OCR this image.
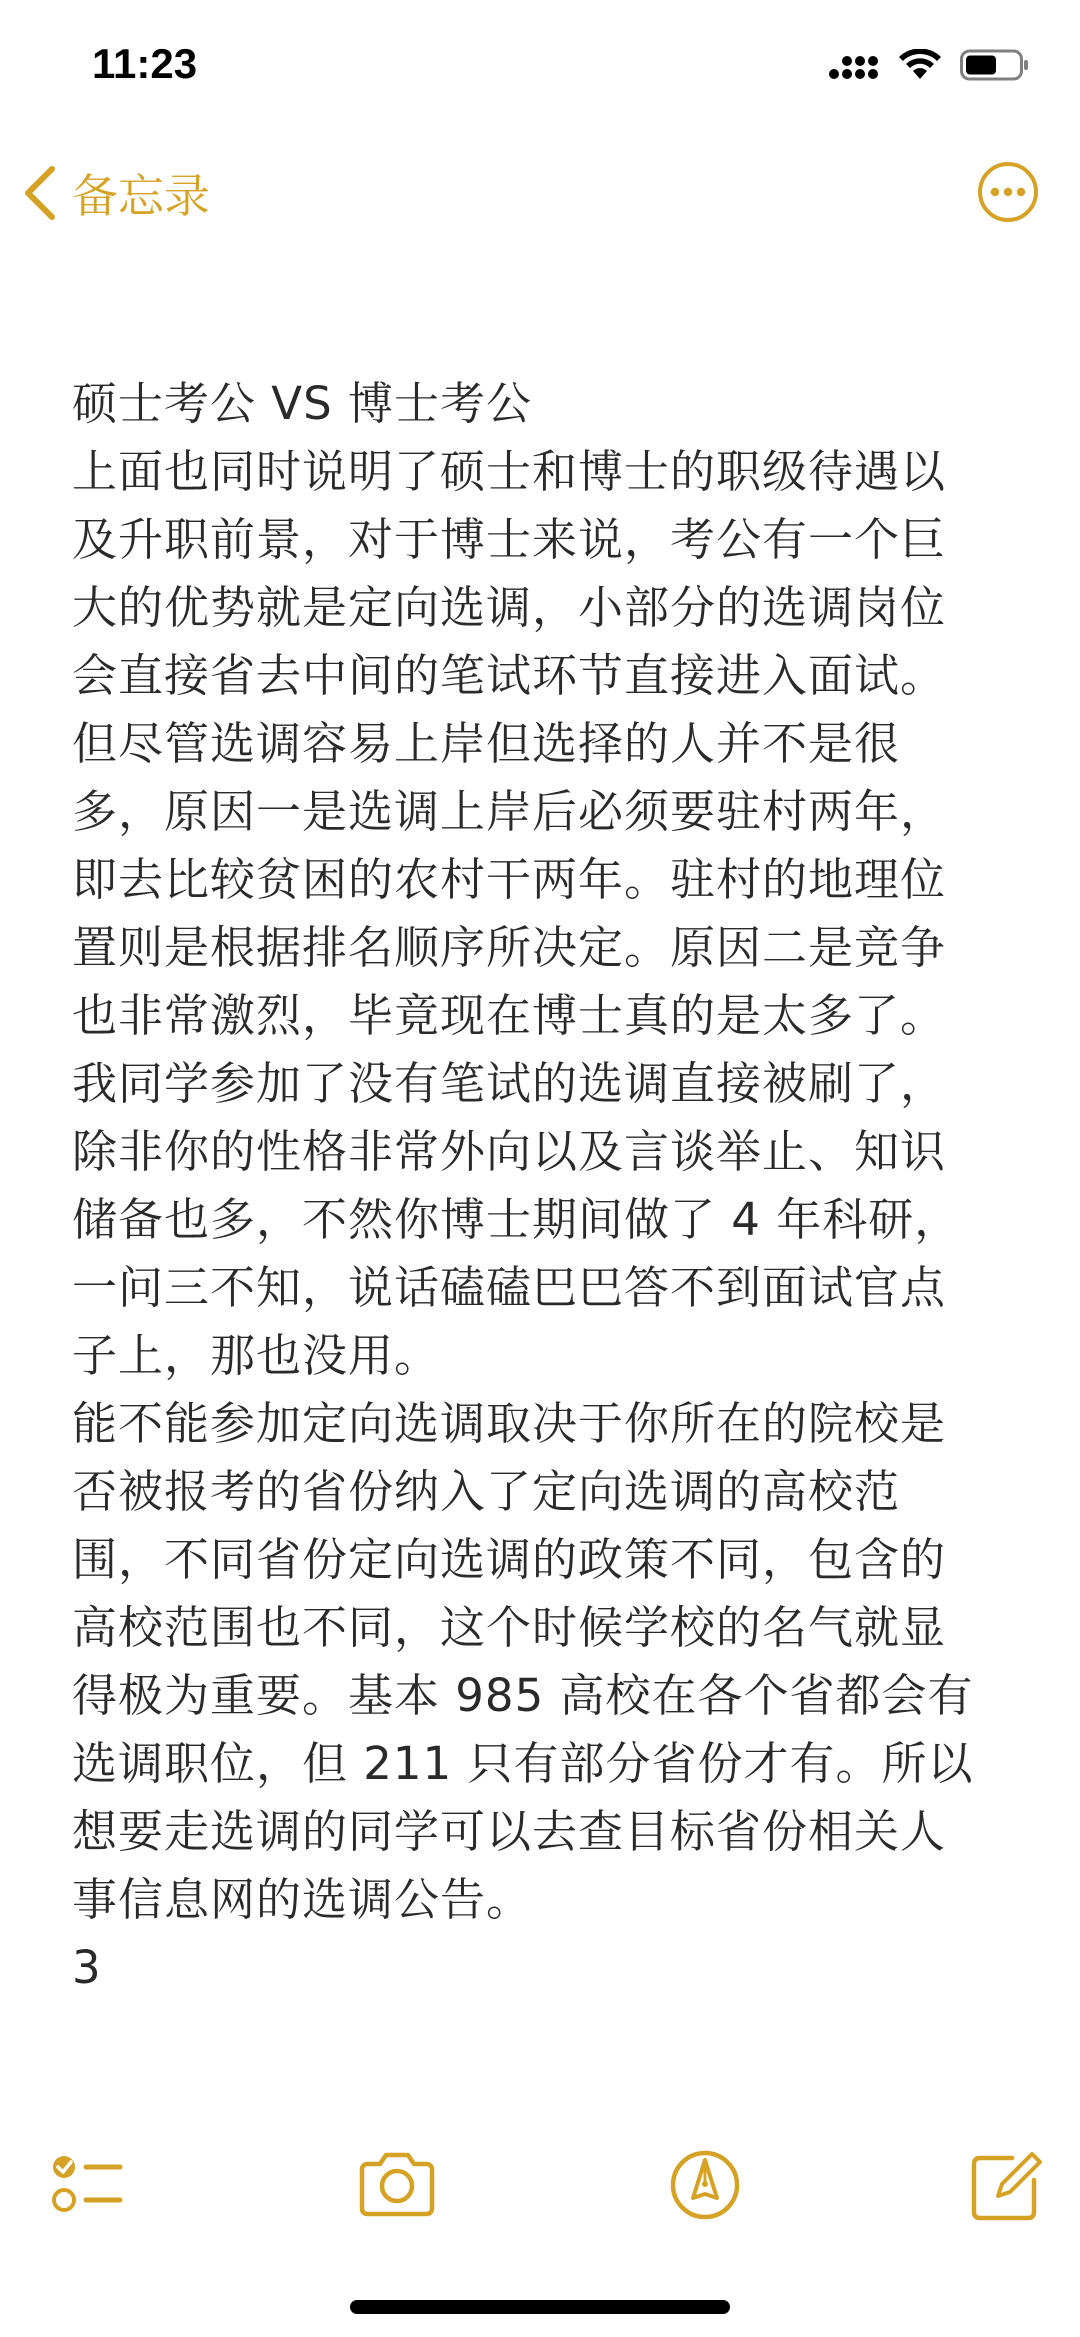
11:23
备忘录
硕士考公 VS 博士考公
上面也同时说明了硕士和博士的职级待遇以
及升职前景，对于博士来说，考公有一个巨
大的优势就是定向选调，小部分的选调岗位
会直接省去中间的笔试环节直接进入面试。
但尽管选调容易上岸但选择的人并不是很
多，原因一是选调上岸后必须要驻村两年，
即去比较贫困的农村干两年。驻村的地理位
置则是根据排名顺序所决定。原因二是竞争
也非常激烈，毕竟现在博士真的是太多了。
我同学参加了没有笔试的选调直接被刷了，
除非你的性格非常外向以及言谈举止、知识
储备也多，不然你博士期间做了 4 年科研，
一问三不知，说话磕磕巴巴答不到面试官点
子上，那也没用。
能不能参加定向选调取决于你所在的院校是
否被报考的省份纳入了定向选调的高校范
围，不同省份定向选调的政策不同，包含的
高校范围也不同，这个时候学校的名气就显
得极为重要。基本 985 高校在各个省都会有
选调职位，但 211 只有部分省份才有。所以
想要走选调的同学可以去查目标省份相关人
事信息网的选调公告。
3
